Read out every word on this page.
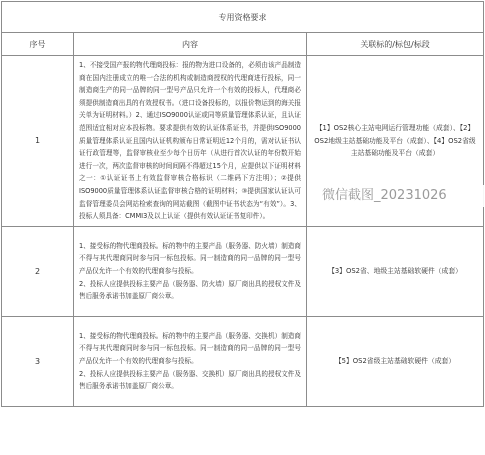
专用资格要求		
序号	内容	关联标的/标包/标段
1	1、不接受国产报的物代理商投标：报的物为进口设备的，必须由该产品制造商在国内注册成立的唯一合法的机构或制造商授权的代理商进行投标，同一制造商生产的同一品牌的同一型号产品只允许一个有效的投标人，代理商必须提供制造商出具的有效授权书。（进口设备投标的，以报价物运到的海关报关单为证明材料。）2、通过ISO9000认证或同等质量管理体系认证，且认证范围适宜相对应本投标物。要求提供有效的认证体系证书，并提供ISO9000质量管理体系认证且国内认证机构颁布日常证明近12个月的，需对认证书认证行政管理等，监督审核业至少每个日历年（从进行首次认证的年份数开始进行一次，两次监督审核的时间间隔不得超过15个月，应提供以下证明材料之一：①认证证书上有效监督审核合格标识（二维码下方注明）；②提供ISO9000质量管理体系认证监督审核合格的证明材料；③提供国家认证认可监督管理委员会网站检索查询的网站截图（截图中证书状态为“有效”）。3、投标人须具备：CMMI3及以上认证（提供有效认证证书复印件）。	【1】OS2核心主站电网运行管理功能（成套）、【2】OS2地级主站基础功能及平台（成套）、【4】OS2省级主站基础功能及平台（成套）
2	1、接受标的物代理商投标。标的物中的主要产品（服务器、防火墙）制造商不得与其代理商同时参与同一标包投标。同一制造商的同一品牌的同一型号产品仅允许一个有效的代理商参与投标。

2、投标人应提供投标主要产品（服务器、防火墙）原厂商出具的授权文件及售后服务承诺书加盖原厂商公章。	【3】OS2省、地级主站基础软硬件（成套）
3	1、接受标的物代理商投标。标的物中的主要产品（服务器、交换机）制造商不得与其代理商同时参与同一标包投标。同一制造商的同一品牌的同一型号产品仅允许一个有效的代理商参与投标。

2、投标人应提供投标主要产品（服务器、交换机）原厂商出具的授权文件及售后服务承诺书加盖原厂商公章。	【5】OS2省级主站基础软硬件（成套）
微信截图_20231026
